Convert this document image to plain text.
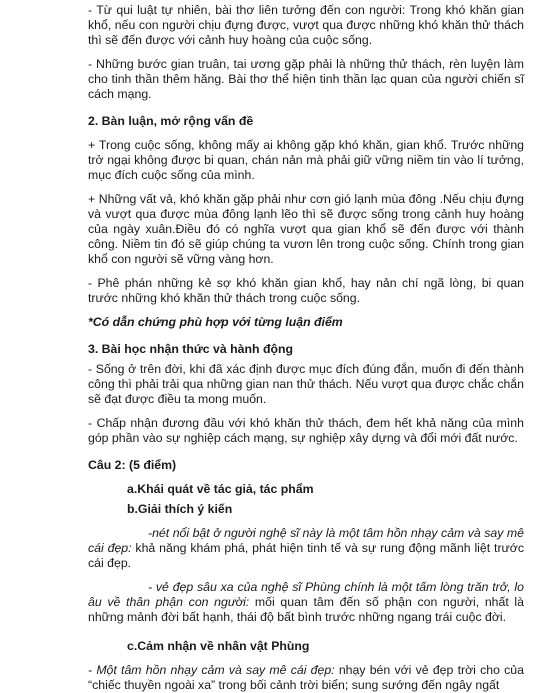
- Từ qui luật tự nhiên, bài thơ liên tưởng đến con người: Trong khó khăn gian khổ, nếu con người chịu đựng được, vượt qua được những khó khăn thử thách thì sẽ đến được với cảnh huy hoàng của cuộc sống.

- Những bước gian truân, tai ương gặp phải là những thử thách, rèn luyện làm cho tinh thần thêm hăng. Bài thơ thể hiện tinh thần lạc quan của người chiến sĩ cách mạng.

2. Bàn luận, mở rộng vấn đề

+ Trong cuộc sống, không mấy ai không gặp khó khăn, gian khổ. Trước những trở ngại không được bi quan, chán nản mà phải giữ vững niềm tin vào lí tưởng, mục đích cuộc sống của mình.

+ Những vất vả, khó khăn gặp phải như cơn gió lạnh mùa đông .Nếu chịu đựng và vượt qua được mùa đông lạnh lẽo thì sẽ được sống trong cảnh huy hoàng của ngày xuân.Điều đó có nghĩa vượt qua gian khổ sẽ đến được với thành công. Niềm tin đó sẽ giúp chúng ta vươn lên trong cuộc sống. Chính trong gian khổ con người sẽ vững vàng hơn.

- Phê phán những kẻ sợ khó khăn gian khổ, hay nản chí ngã lòng, bi quan trước những khó khăn thử thách trong cuộc sống.

*Có dẫn chứng phù hợp với từng luận điểm

3. Bài học nhận thức và hành động

- Sống ở trên đời, khi đã xác định được mục đích đúng đắn, muốn đi đến thành công thì phải trải qua những gian nan thử thách. Nếu vượt qua được chắc chắn sẽ đạt được điều ta mong muốn.

- Chấp nhận đương đầu với khó khăn thử thách, đem hết khả năng của mình góp phần vào sự nghiệp cách mạng, sự nghiệp xây dựng và đổi mới đất nước.

Câu 2: (5 điểm)

a.Khái quát về tác giả, tác phẩm

b.Giải thích ý kiến

-nét nổi bật ở người nghệ sĩ này là một tâm hồn nhạy cảm và say mê cái đẹp: khả năng khám phá, phát hiện tinh tế và sự rung động mãnh liệt trước cái đẹp.

- vẻ đẹp sâu xa của nghệ sĩ Phùng chính là một tấm lòng trăn trở, lo âu về thân phận con người: mối quan tâm đến số phận con người, nhất là những mảnh đời bất hạnh, thái độ bất bình trước những ngang trái cuộc đời.

c.Cảm nhận về nhân vật Phùng

- Một tâm hồn nhạy cảm và say mê cái đẹp: nhạy bén với vẻ đẹp trời cho của “chiếc thuyền ngoài xa” trong bối cảnh trời biển; sung sướng đến ngây ngất
